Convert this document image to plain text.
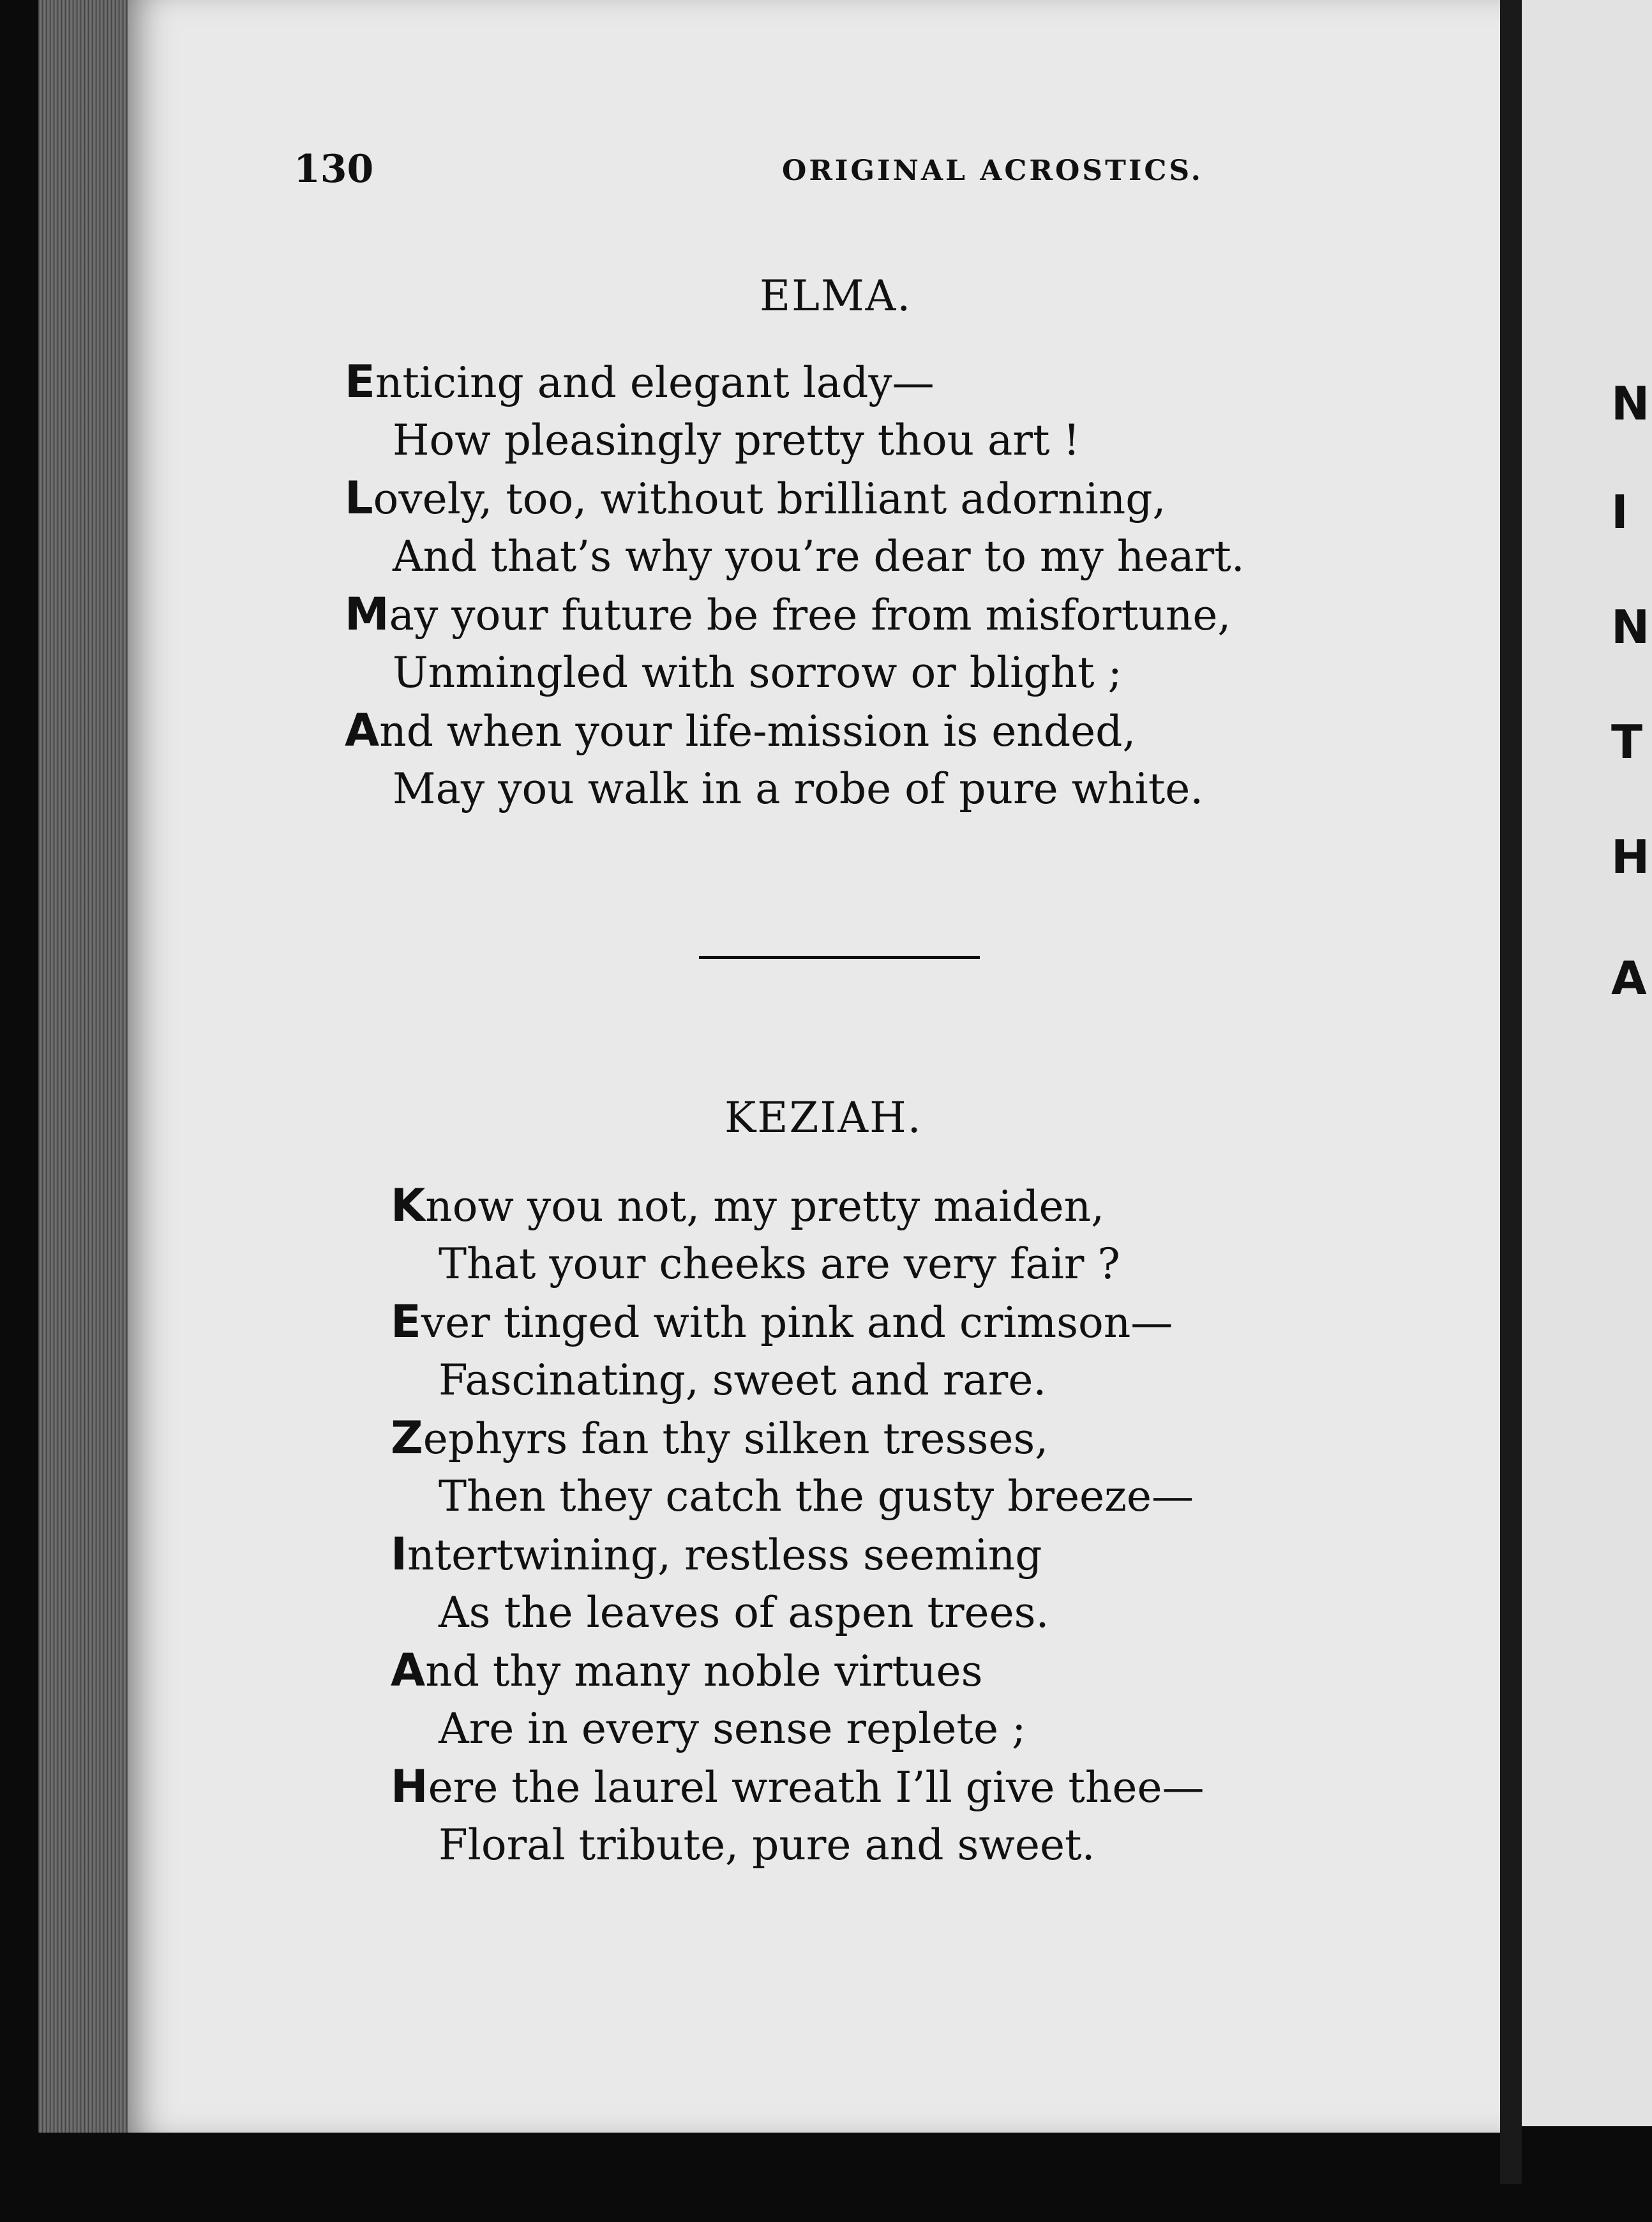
130	ORIGINAL ACROSTICS.
ELMA.
Enticing and elegant lady—
How pleasingly pretty thou art !
Lovely, too, without brilliant adorning,
And that’s why you’re dear to my heart.
May your future be free from misfortune,
Unmingled with sorrow or blight ;
And when your life-mission is ended,
May you walk in a robe of pure white.
KEZIAH.
Know you not, my pretty maiden,
That your cheeks are very fair ?
Ever tinged with pink and crimson—
Fascinating, sweet and rare.
Zephyrs fan thy silken tresses,
Then they catch the gusty breeze—
Intertwining, restless seeming
As the leaves of aspen trees.
And thy many noble virtues
Are in every sense replete ;
Here the laurel wreath I’ll give thee—
Floral tribute, pure and sweet.
N
I
N
T
H
A
